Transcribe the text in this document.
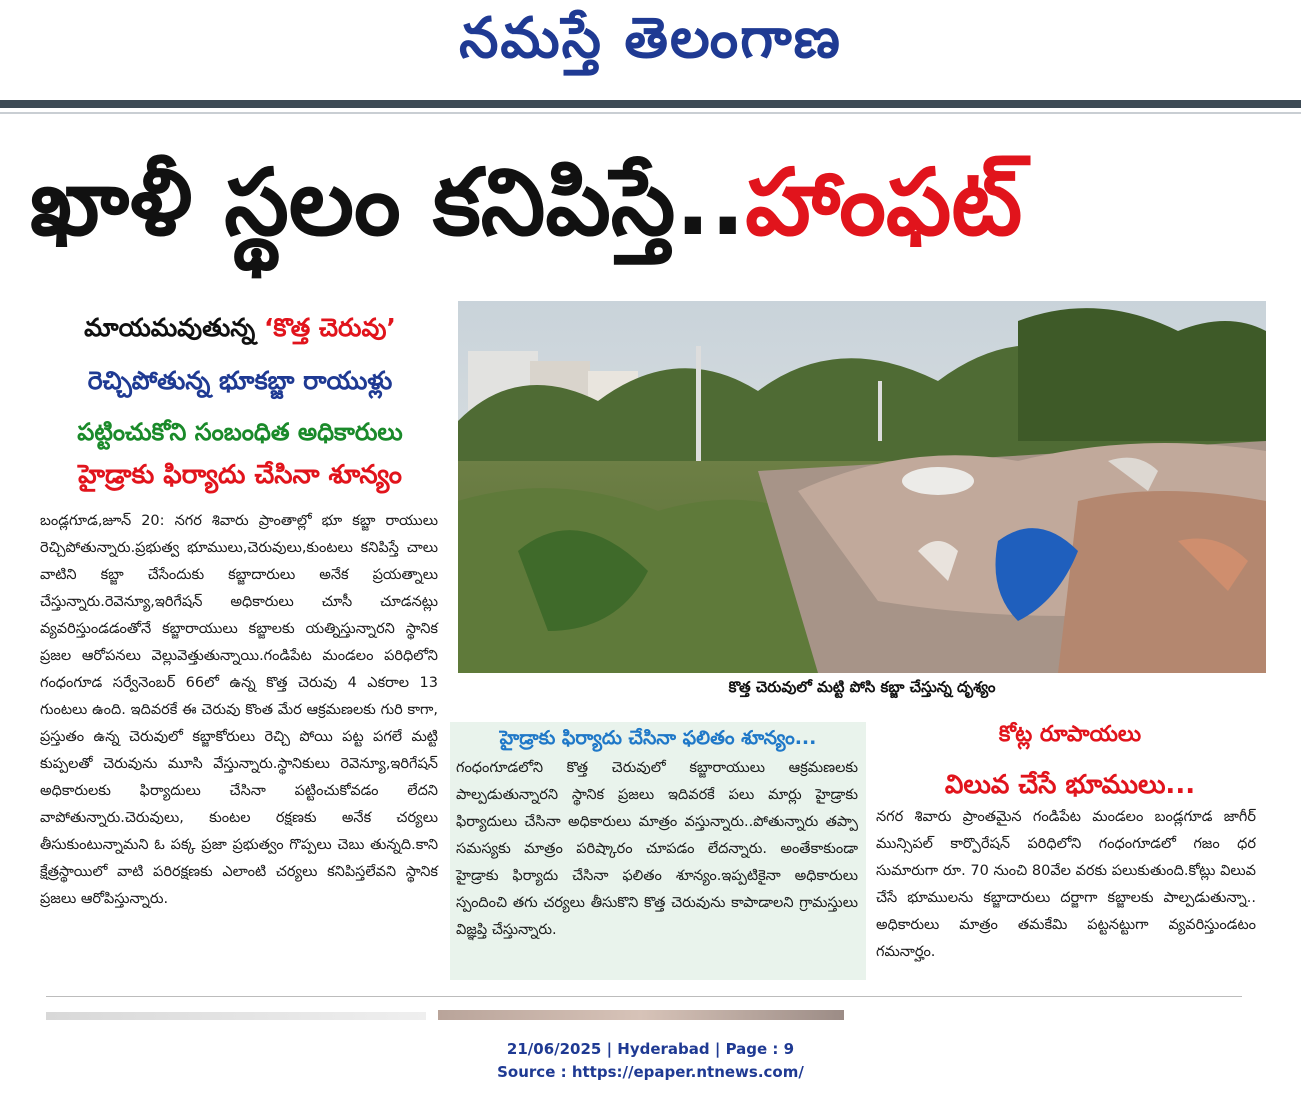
నమస్తే తెలంగాణ
ఖాళీ స్థలం కనిపిస్తే..హాంఫట్
మాయమవుతున్న ‘కొత్త చెరువు’
రెచ్చిపోతున్న భూకబ్జా రాయుళ్లు
పట్టించుకోని సంబంధిత అధికారులు
హైడ్రాకు ఫిర్యాదు చేసినా శూన్యం
బండ్లగూడ,జూన్ 20: నగర శివారు ప్రాంతాల్లో భూ కబ్జా రాయులు రెచ్చిపోతున్నారు.ప్రభుత్వ భూములు,చెరువులు,కుంటలు కనిపిస్తే చాలు వాటిని కబ్జా చేసేందుకు కబ్జాదారులు అనేక ప్రయత్నాలు చేస్తున్నారు.రెవెన్యూ,ఇరిగేషన్ అధికారులు చూసీ చూడనట్లు వ్యవరిస్తుండడంతోనే కబ్జారాయులు కబ్జాలకు యత్నిస్తున్నారని స్థానిక ప్రజల ఆరోపనలు వెల్లువెత్తుతున్నాయి.గండిపేట మండలం పరిధిలోని గంధంగూడ సర్వేనెంబర్ 66లో ఉన్న కొత్త చెరువు 4 ఎకరాల 13 గుంటలు ఉంది. ఇదివరకే ఈ చెరువు కొంత మేర ఆక్రమణలకు గురి కాగా, ప్రస్తుతం ఉన్న చెరువులో కబ్జాకోరులు రెచ్చి పోయి పట్ట పగలే మట్టి కుప్పలతో చెరువును మూసి వేస్తున్నారు.స్థానికులు రెవెన్యూ,ఇరిగేషన్ అధికారులకు ఫిర్యాదులు చేసినా పట్టించుకోవడం లేదని వాపోతున్నారు.చెరువులు, కుంటల రక్షణకు అనేక చర్యలు తీసుకుంటున్నామని ఓ పక్క ప్రజా ప్రభుత్వం గొప్పలు చెబు తున్నది.కాని క్షేత్రస్థాయిలో వాటి పరిరక్షణకు ఎలాంటి చర్యలు కనిపిస్తలేవని స్థానిక ప్రజలు ఆరోపిస్తున్నారు.
కొత్త చెరువులో మట్టి పోసి కబ్జా చేస్తున్న దృశ్యం
హైడ్రాకు ఫిర్యాదు చేసినా ఫలితం శూన్యం...
గంధంగూడలోని కొత్త చెరువులో కబ్జారాయులు ఆక్రమణలకు పాల్పడుతున్నారని స్థానిక ప్రజలు ఇదివరకే పలు మార్లు హైడ్రాకు ఫిర్యాదులు చేసినా అధికారులు మాత్రం వస్తున్నారు..పోతున్నారు తప్పా సమస్యకు మాత్రం పరిష్కారం చూపడం లేదన్నారు. అంతేకాకుండా హైడ్రాకు ఫిర్యాదు చేసినా ఫలితం శూన్యం.ఇప్పటికైనా అధికారులు స్పందించి తగు చర్యలు తీసుకొని కొత్త చెరువును కాపాడాలని గ్రామస్తులు విజ్ఞప్తి చేస్తున్నారు.
కోట్ల రూపాయలు
విలువ చేసే భూములు...
నగర శివారు ప్రాంతమైన గండిపేట మండలం బండ్లగూడ జాగీర్ మున్సిపల్ కార్పొరేషన్ పరిధిలోని గంధంగూడలో గజం ధర సుమారుగా రూ. 70 నుంచి 80వేల వరకు పలుకుతుంది.కోట్లు విలువ చేసే భూములను కబ్జాదారులు దర్జాగా కబ్జాలకు పాల్పడుతున్నా.. అధికారులు మాత్రం తమకేమి పట్టనట్టుగా వ్యవరిస్తుండటం గమనార్హం.
21/06/2025 | Hyderabad | Page : 9
Source : https://epaper.ntnews.com/
